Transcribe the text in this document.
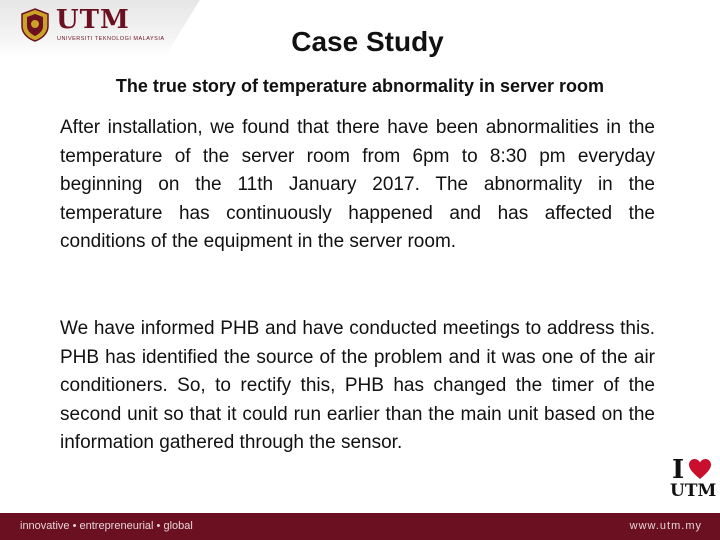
UTM
UNIVERSITI TEKNOLOGI MALAYSIA	Case Study
The true story of temperature abnormality in server room

After installation, we found that there have been abnormalities in the temperature of the server room from 6pm to 8:30 pm everyday beginning on the 11th January 2017. The abnormality in the temperature has continuously happened and has affected the conditions of the equipment in the server room.

We have informed PHB and have conducted meetings to address this. PHB has identified the source of the problem and it was one of the air conditioners. So, to rectify this, PHB has changed the timer of the second unit so that it could run earlier than the main unit based on the information gathered through the sensor.

I
UTM
innovative • entrepreneurial • global	www.utm.my
